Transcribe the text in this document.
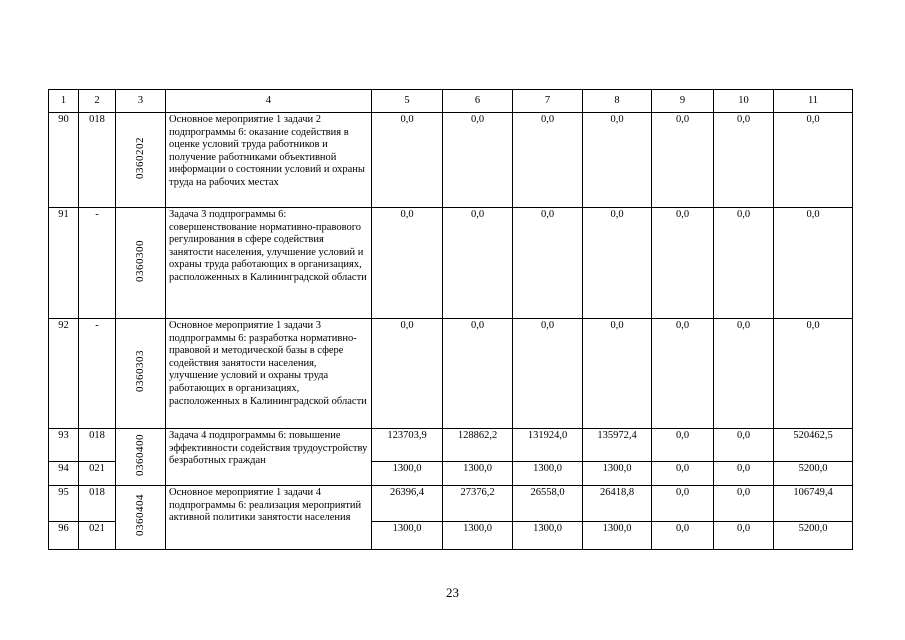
1	2	3	4	5	6	7	8	9	10	11
90	018	0360202	Основное мероприятие 1 задачи 2 подпрограммы 6: оказание содействия в оценке условий труда работников и получение работниками объективной информации о состоянии условий и охраны труда на рабочих местах	0,0	0,0	0,0	0,0	0,0	0,0	0,0
91	-	0360300	Задача 3 подпрограммы 6: совершенствование нормативно-правового регулирования в сфере содействия занятости населения, улучшение условий и охраны труда работающих в организациях, расположенных в Калининградской области	0,0	0,0	0,0	0,0	0,0	0,0	0,0
92	-	0360303	Основное мероприятие 1 задачи 3 подпрограммы 6: разработка нормативно-правовой и методической базы в сфере содействия занятости населения, улучшение условий и охраны труда работающих в организациях, расположенных в Калининградской области	0,0	0,0	0,0	0,0	0,0	0,0	0,0
93	018	0360400	Задача 4 подпрограммы 6: повышение эффективности содействия трудоустройству безработных граждан	123703,9	128862,2	131924,0	135972,4	0,0	0,0	520462,5
94	021			1300,0	1300,0	1300,0	1300,0	0,0	0,0	5200,0
95	018	0360404	Основное мероприятие 1 задачи 4 подпрограммы 6: реализация мероприятий активной политики занятости населения	26396,4	27376,2	26558,0	26418,8	0,0	0,0	106749,4
96	021			1300,0	1300,0	1300,0	1300,0	0,0	0,0	5200,0
23
